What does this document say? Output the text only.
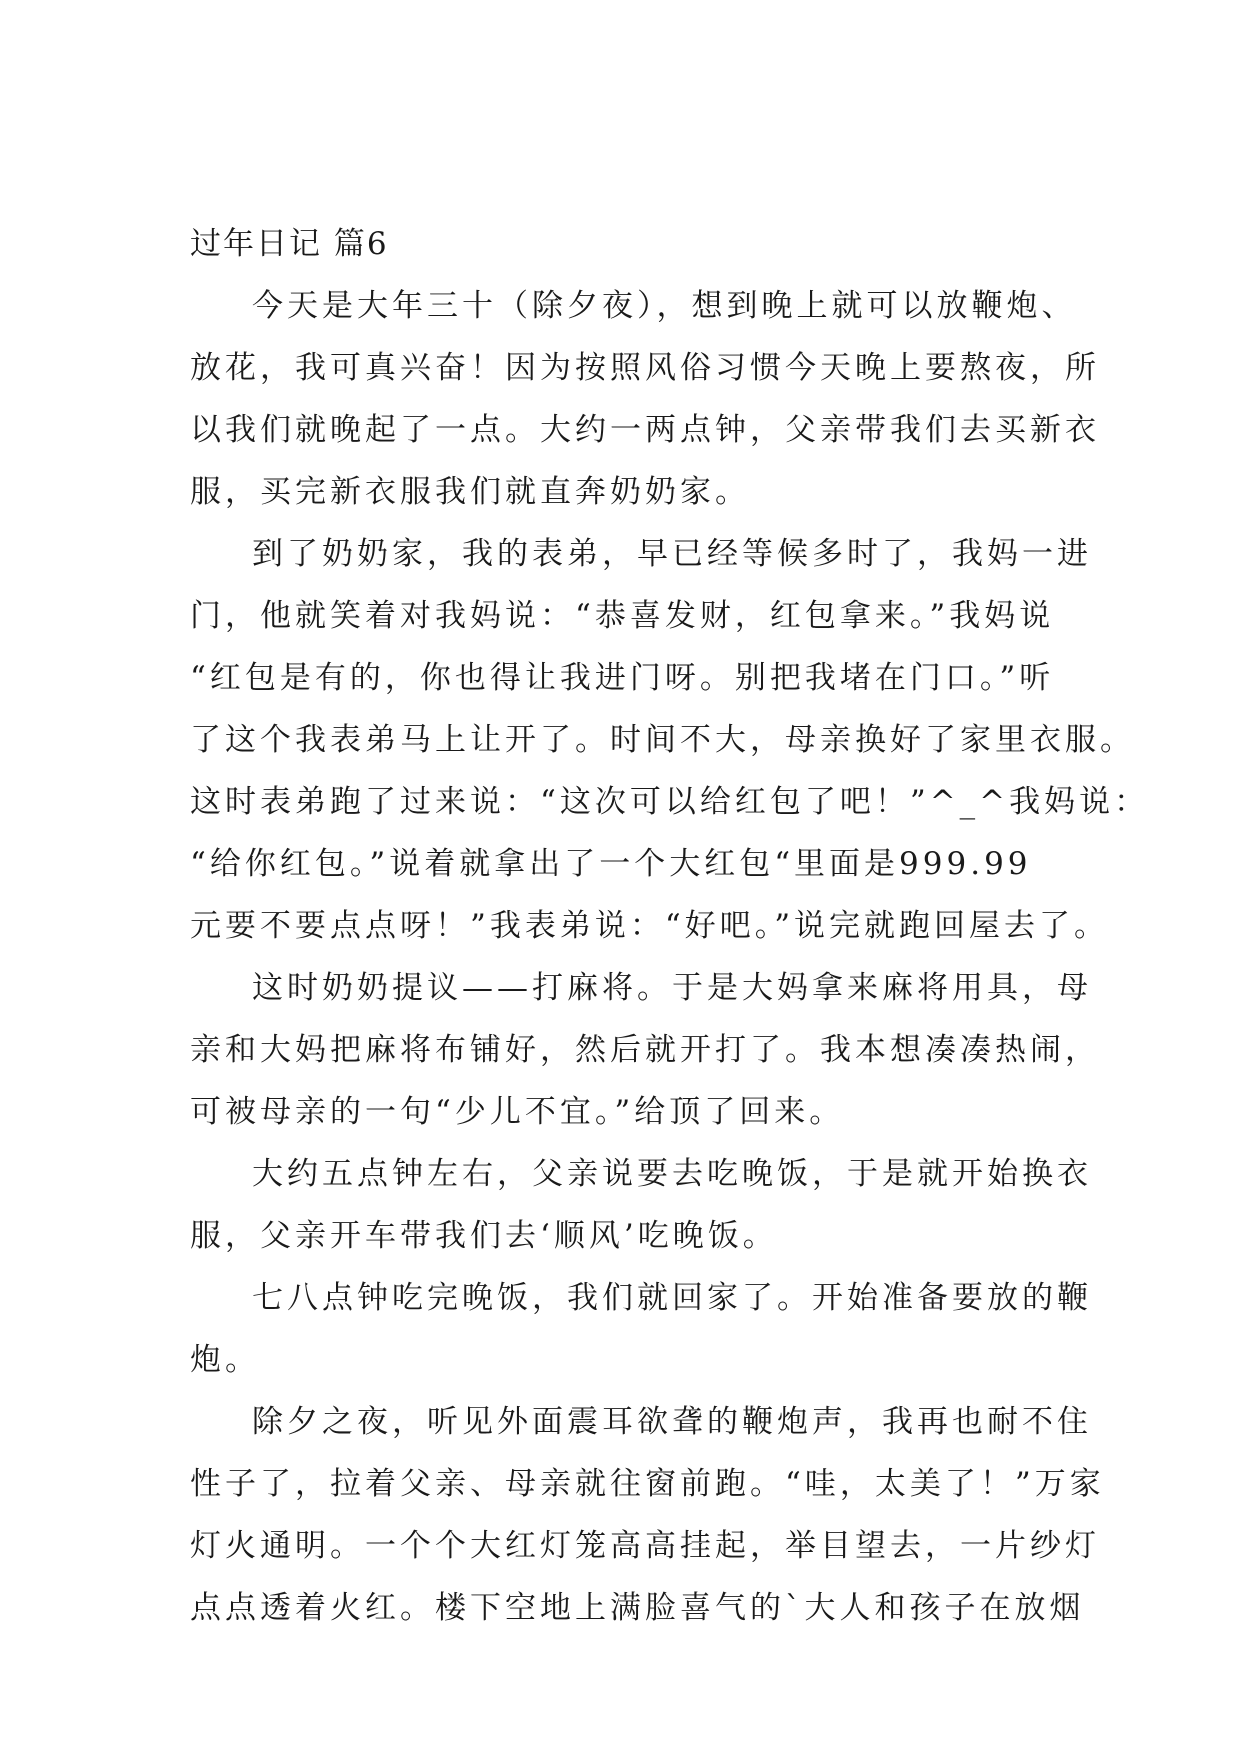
过年日记 篇6
今天是大年三十（除夕夜），想到晚上就可以放鞭炮、
放花，我可真兴奋！因为按照风俗习惯今天晚上要熬夜，所
以我们就晚起了一点。大约一两点钟，父亲带我们去买新衣
服，买完新衣服我们就直奔奶奶家。
到了奶奶家，我的表弟，早已经等候多时了，我妈一进
门，他就笑着对我妈说：“恭喜发财，红包拿来。”我妈说
“红包是有的，你也得让我进门呀。别把我堵在门口。”听
了这个我表弟马上让开了。时间不大，母亲换好了家里衣服。
这时表弟跑了过来说：“这次可以给红包了吧！”^_^我妈说：
“给你红包。”说着就拿出了一个大红包“里面是999.99
元要不要点点呀！”我表弟说：“好吧。”说完就跑回屋去了。
这时奶奶提议——打麻将。于是大妈拿来麻将用具，母
亲和大妈把麻将布铺好，然后就开打了。我本想凑凑热闹，
可被母亲的一句“少儿不宜。”给顶了回来。
大约五点钟左右，父亲说要去吃晚饭，于是就开始换衣
服，父亲开车带我们去‘顺风’吃晚饭。
七八点钟吃完晚饭，我们就回家了。开始准备要放的鞭
炮。
除夕之夜，听见外面震耳欲聋的鞭炮声，我再也耐不住
性子了，拉着父亲、母亲就往窗前跑。“哇，太美了！”万家
灯火通明。一个个大红灯笼高高挂起，举目望去，一片纱灯
点点透着火红。楼下空地上满脸喜气的`大人和孩子在放烟
